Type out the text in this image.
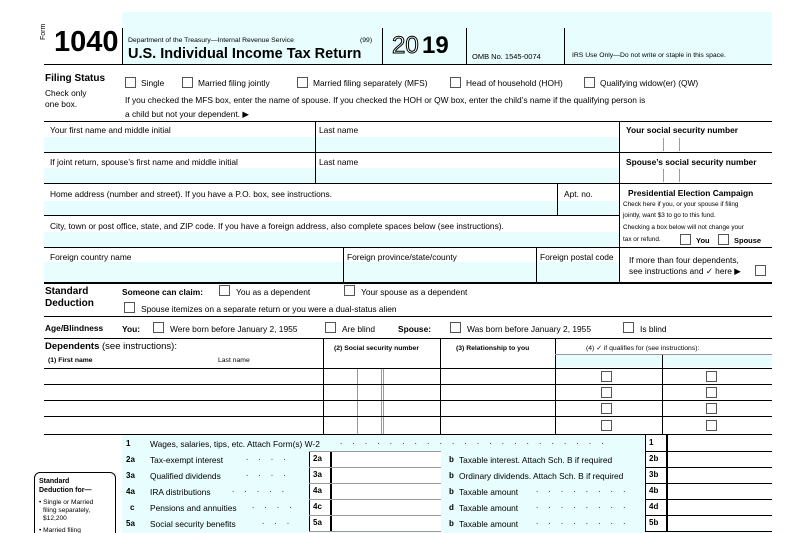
Form 1040 Department of the Treasury—Internal Revenue Service	(99)
U.S. Individual Income Tax Return 20 19	OMB No. 1545-0074	IRS Use Only—Do not write or staple in this space.
Filing Status
Check only
one box.
Single	Married filing jointly	Married filing separately (MFS)	Head of household (HOH)	Qualifying widow(er) (QW)
If you checked the MFS box, enter the name of spouse. If you checked the HOH or QW box, enter the child’s name if the qualifying person is
a child but not your dependent. ▶
Your first name and middle initial	Last name	Your social security number
If joint return, spouse’s first name and middle initial	Last name	Spouse’s social security number
Home address (number and street). If you have a P.O. box, see instructions.	Apt. no.
City, town or post office, state, and ZIP code. If you have a foreign address, also complete spaces below (see instructions).
Foreign country name	Foreign province/state/county	Foreign postal code
Presidential Election Campaign
Check here if you, or your spouse if filing
jointly, want $3 to go to this fund.
Checking a box below will not change your
tax or refund.	You	Spouse
If more than four dependents,
see instructions and ✓ here ▶
Standard
Deduction
Someone can claim:	You as a dependent	Your spouse as a dependent
Spouse itemizes on a separate return or you were a dual-status alien
Age/Blindness You:	Were born before January 2, 1955	Are blind	Spouse:	Was born before January 2, 1955	Is blind
Dependents (see instructions):
(1) First name	Last name
(2) Social security number	(3) Relationship to you	(4) ✓ if qualifies for (see instructions):
Standard
Deduction for—
• Single or Married
filing separately,
$12,200
• Married filing
1 Wages, salaries, tips, etc. Attach Form(s) W-2	. . . . . . . . . . . . . . . . . . . . . .	1
2a Tax-exempt interest	. . . .	2a	b Taxable interest. Attach Sch. B if required	2b
3a Qualified dividends	. . . .	3a	b Ordinary dividends. Attach Sch. B if required	3b
4a IRA distributions	. . . . .	4a	b Taxable amount . . . . . . . .	4b
c Pensions and annuities . . . .	4c	d Taxable amount . . . . . . . .	4d
5a Social security benefits	. . .	5a	b Taxable amount . . . . . . . .	5b
